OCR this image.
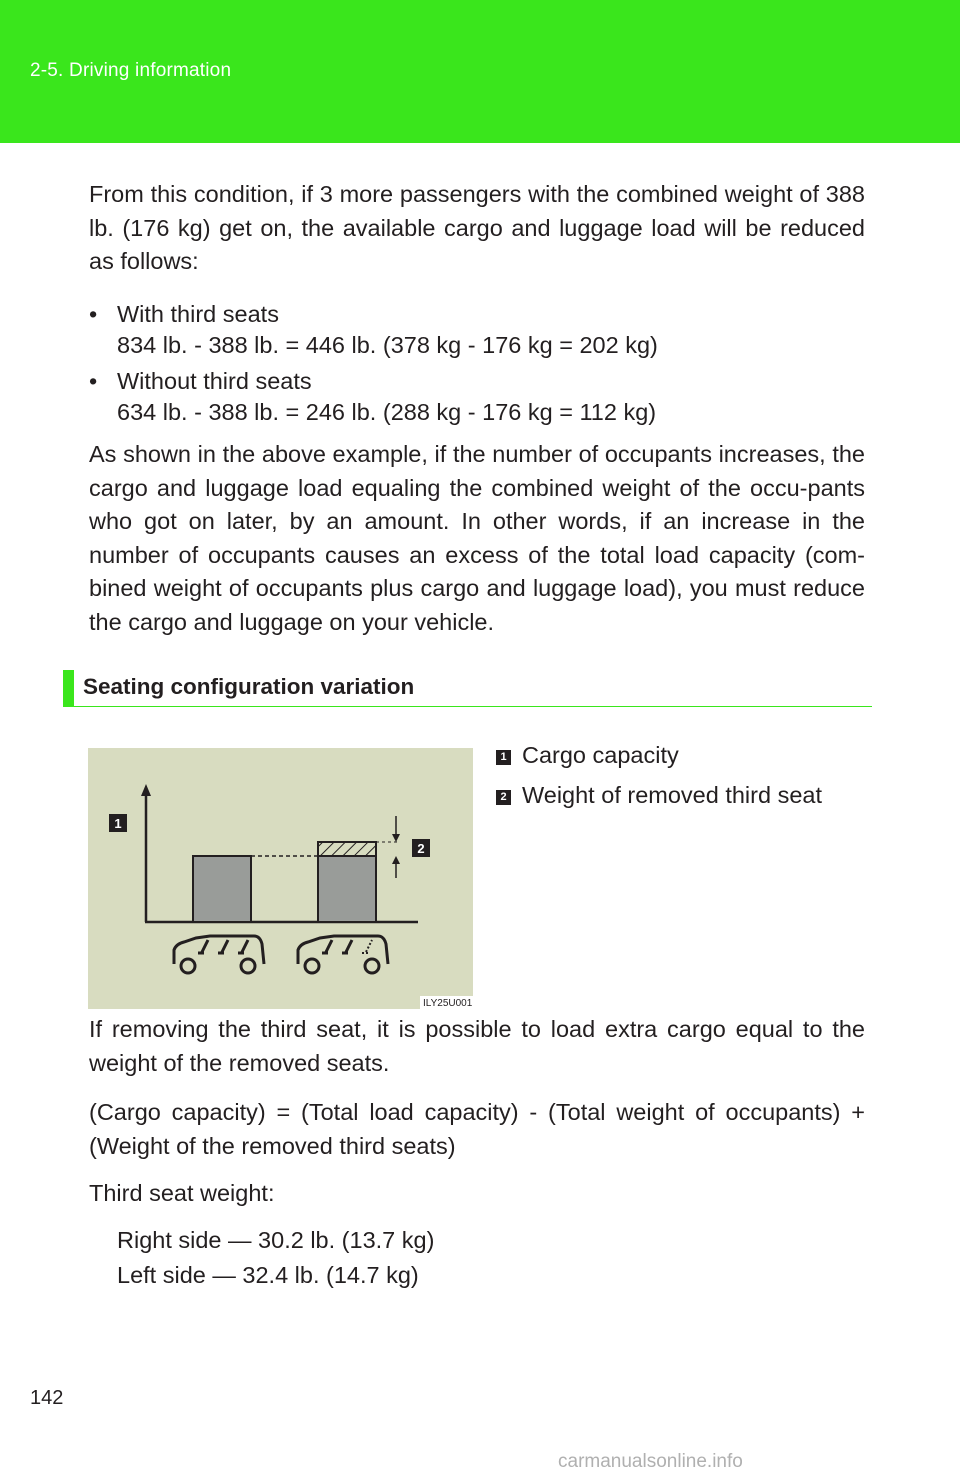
2-5. Driving information

From this condition, if 3 more passengers with the combined weight of 388 lb. (176 kg) get on, the available cargo and luggage load will be reduced as follows:

• With third seats
834 lb. - 388 lb. = 446 lb. (378 kg - 176 kg = 202 kg)
• Without third seats
634 lb. - 388 lb. = 246 lb. (288 kg - 176 kg = 112 kg)

As shown in the above example, if the number of occupants increases, the cargo and luggage load equaling the combined weight of the occu-pants who got on later, by an amount. In other words, if an increase in the number of occupants causes an excess of the total load capacity (com-bined weight of occupants plus cargo and luggage load), you must reduce the cargo and luggage on your vehicle.

Seating configuration variation
1
2
ILY25U001
1 Cargo capacity
2 Weight of removed third seat

If removing the third seat, it is possible to load extra cargo equal to the weight of the removed seats.

(Cargo capacity) = (Total load capacity) - (Total weight of occupants) + (Weight of the removed third seats)

Third seat weight:
Right side — 30.2 lb. (13.7 kg)
Left side — 32.4 lb. (14.7 kg)
142
carmanualsonline.info
